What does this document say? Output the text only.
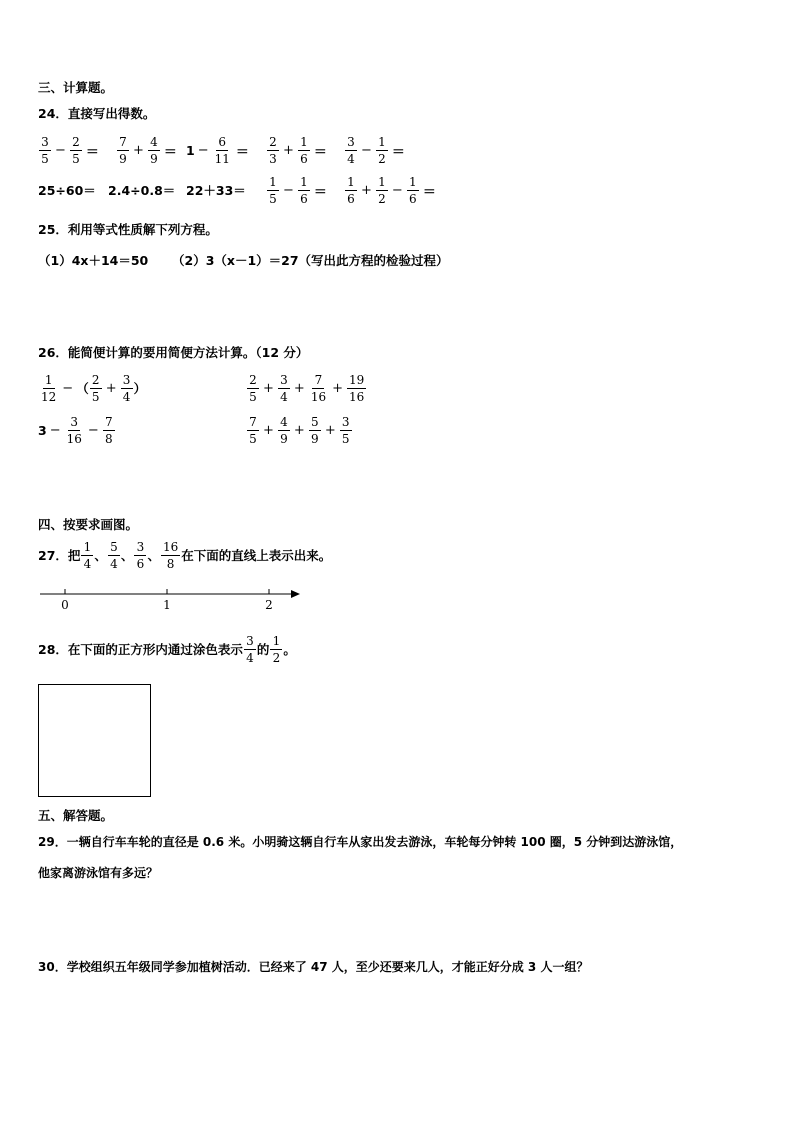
三、计算题。
24．直接写出得数。
$\frac{3}{5} - \frac{2}{5} = \frac{7}{9} + \frac{4}{9} = 1 - \frac{6}{11} = \frac{2}{3} + \frac{1}{6} = \frac{3}{4} - \frac{1}{2}$ ＝
25÷60＝ 2.4÷0.8＝ 22＋33＝	$\frac{1}{5} - \frac{1}{6} = \frac{1}{6} + \frac{1}{2} - \frac{1}{6}$ ＝
25．利用等式性质解下列方程。
（1）4x＋14＝50 （2）3（x－1）＝27（写出此方程的检验过程）
26．能简便计算的要用简便方法计算。（12 分）
$\frac{1}{12}$ − （ $\frac{2}{5} + \frac{3}{4}$ ）	$\frac{2}{5} + \frac{3}{4} + \frac{7}{16} + \frac{19}{16}$
$3 - \frac{3}{16} - \frac{7}{8}$	$\frac{7}{5} + \frac{4}{9} + \frac{5}{9} + \frac{3}{5}$
四、按要求画图。
27．把 $\frac{1}{4}$ 、 $\frac{5}{4}$ 、 $\frac{3}{6}$ 、 $\frac{16}{8}$ 在下面的直线上表示出来。
0	1	2
28．在下面的正方形内通过涂色表示 $\frac{3}{4}$ 的 $\frac{1}{2}$ 。
五、解答题。
29．一辆自行车车轮的直径是 0.6 米。小明骑这辆自行车从家出发去游泳，车轮每分钟转 100 圈，5 分钟到达游泳馆，
他家离游泳馆有多远？
30．学校组织五年级同学参加植树活动．已经来了 47 人，至少还要来几人，才能正好分成 3 人一组？
